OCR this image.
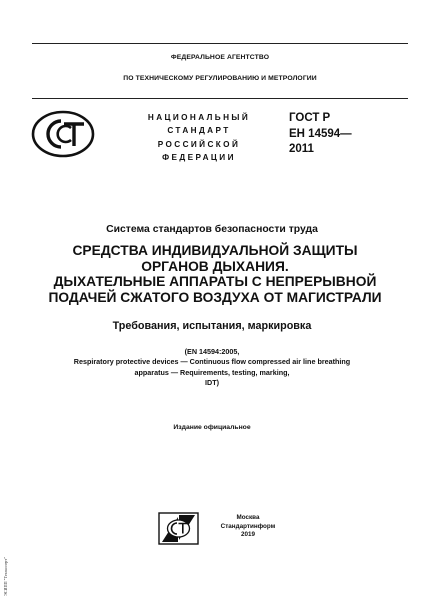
ФЕДЕРАЛЬНОЕ АГЕНТСТВО
ПО ТЕХНИЧЕСКОМУ РЕГУЛИРОВАНИЮ И МЕТРОЛОГИИ
НАЦИОНАЛЬНЫЙ
СТАНДАРТ
РОССИЙСКОЙ
ФЕДЕРАЦИИ
ГОСТ Р
ЕН 14594—
2011
Система стандартов безопасности труда
СРЕДСТВА ИНДИВИДУАЛЬНОЙ ЗАЩИТЫ
ОРГАНОВ ДЫХАНИЯ.
ДЫХАТЕЛЬНЫЕ АППАРАТЫ С НЕПРЕРЫВНОЙ
ПОДАЧЕЙ СЖАТОГО ВОЗДУХА ОТ МАГИСТРАЛИ
Требования, испытания, маркировка
(EN 14594:2005,
Respiratory protective devices — Continuous flow compressed air line breathing
apparatus — Requirements, testing, marking,
IDT)
Издание официальное
Москва
Стандартинформ
2019
ЭСИПП "Техэксперт"
